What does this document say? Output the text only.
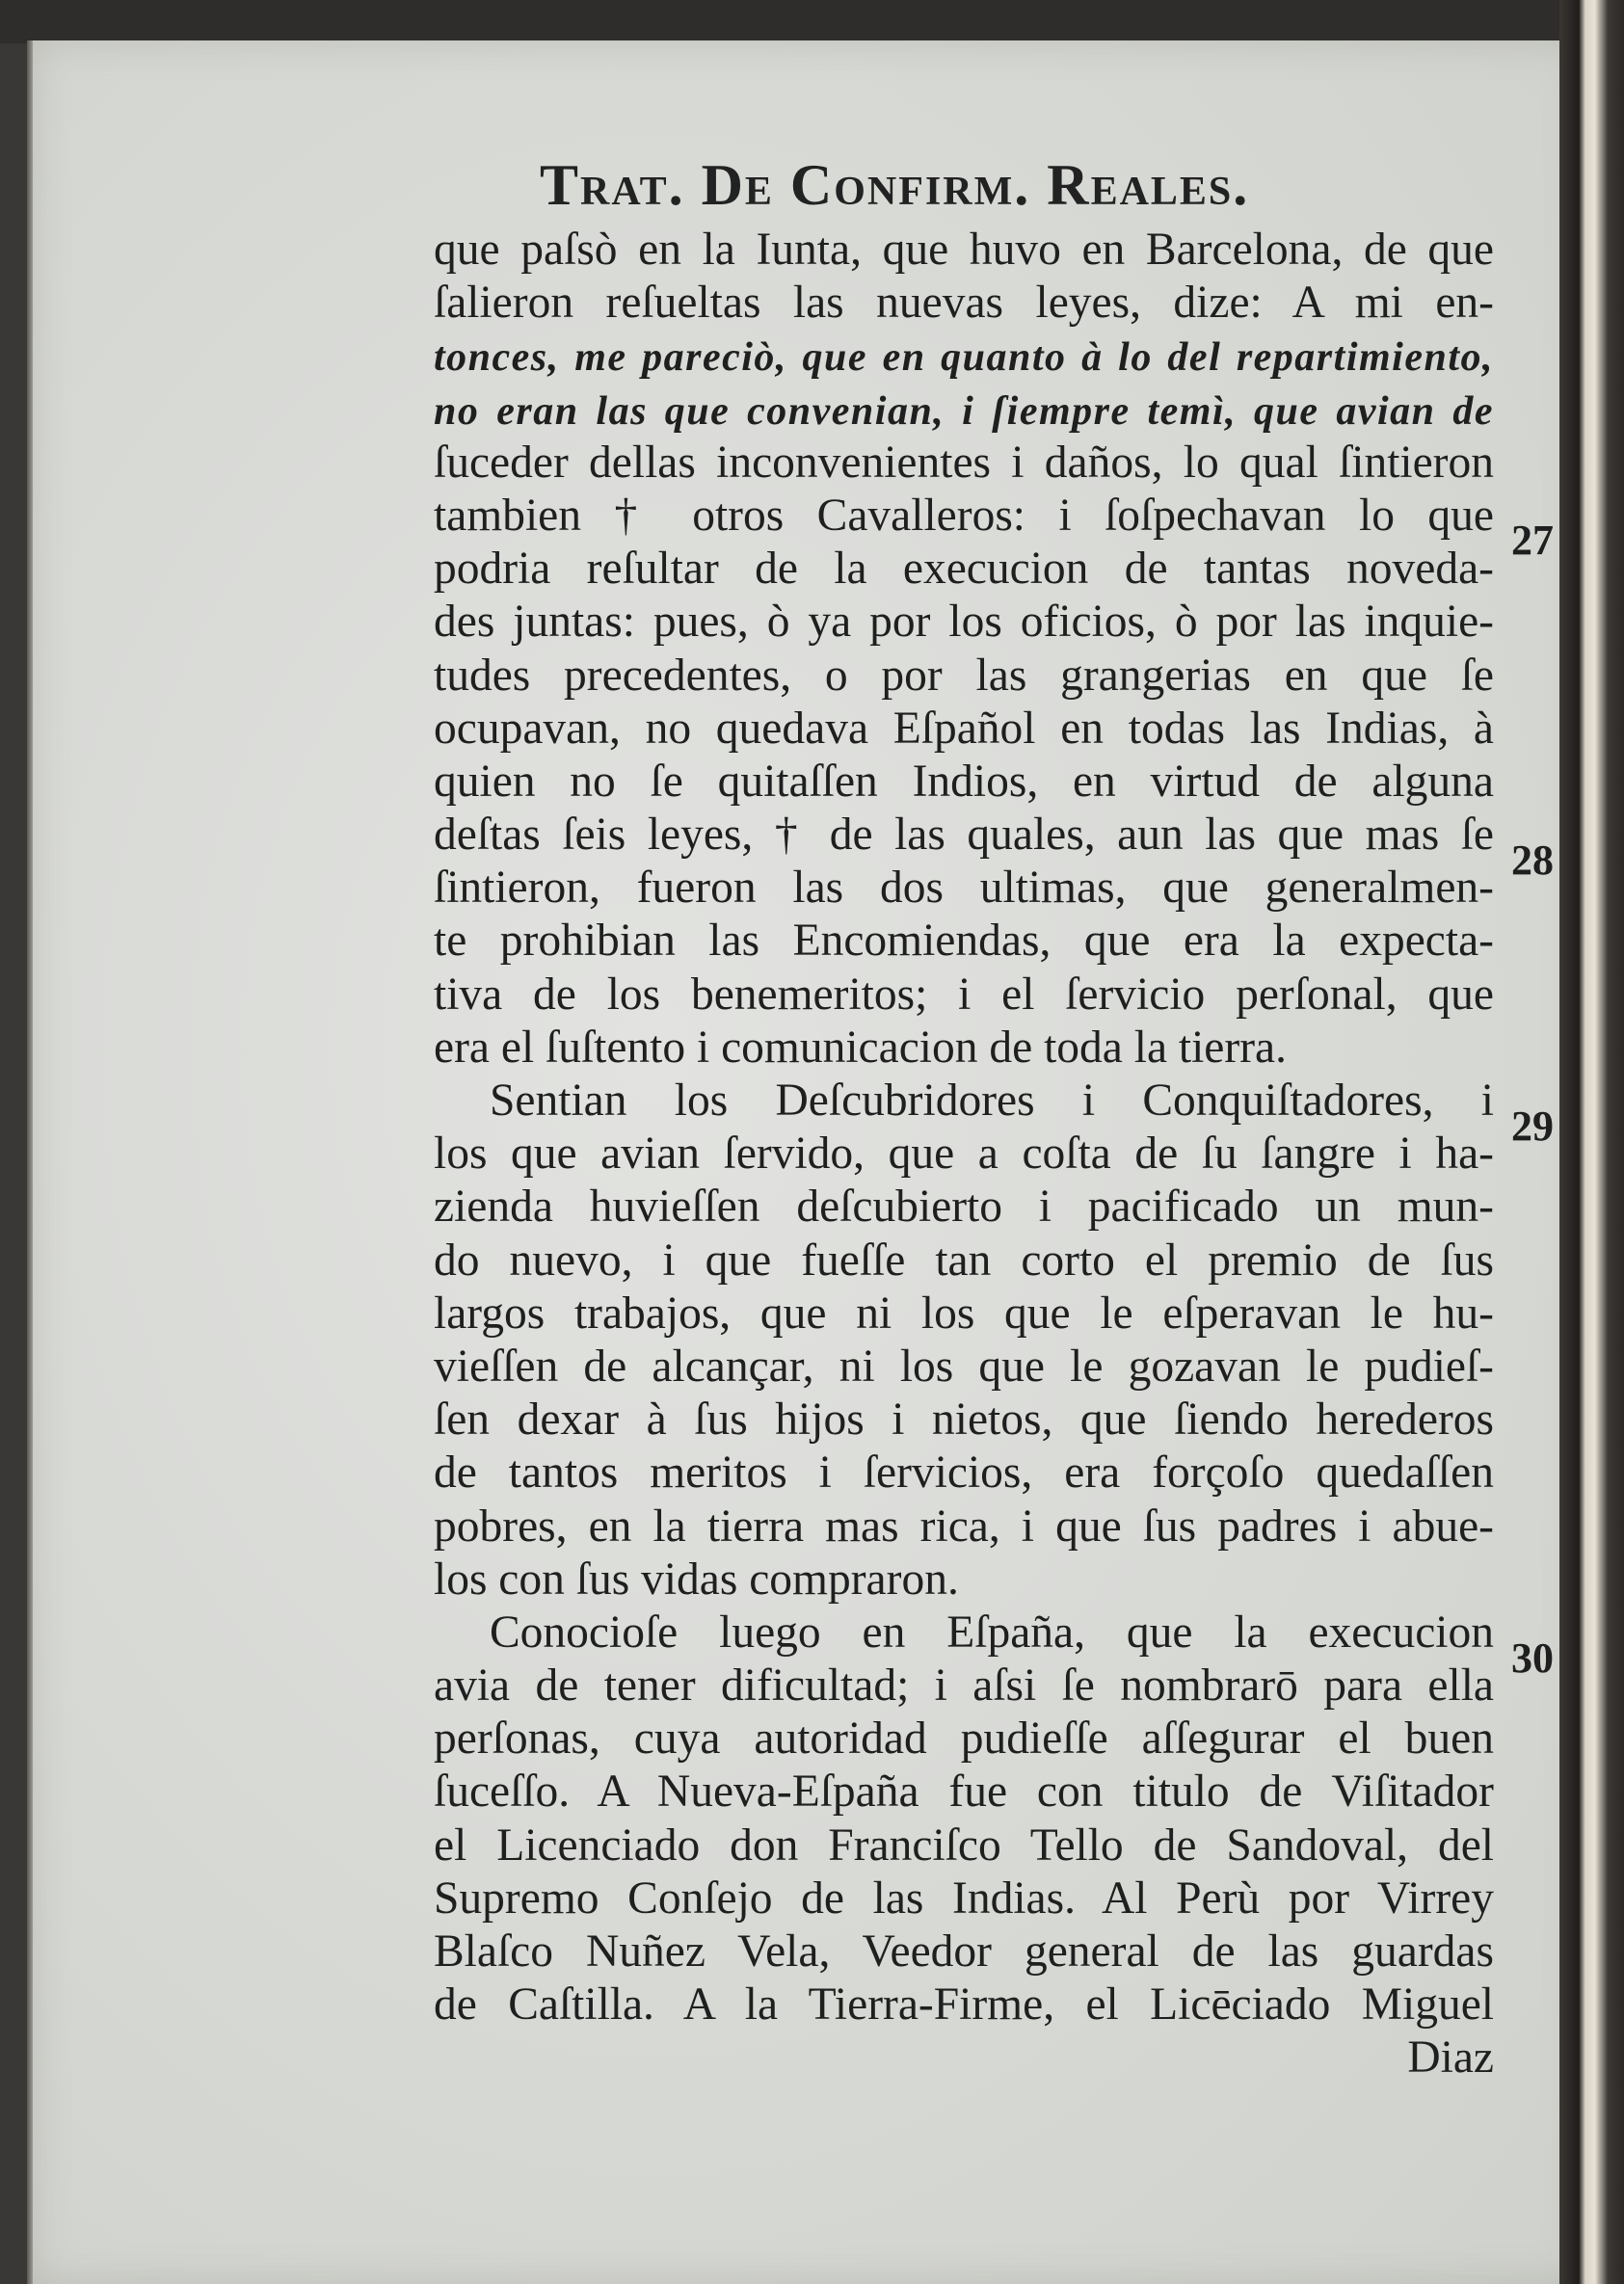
Trat. De Confirm. Reales.
que paſsò en la Iunta, que huvo en Barcelona, de que
ſalieron reſueltas las nuevas leyes, dize: A mi en-
tonces, me pareciò, que en quanto à lo del repartimiento,
no eran las que convenian, i ſiempre temì, que avian de
ſuceder dellas inconvenientes i daños, lo qual ſintieron
tambien † otros Cavalleros: i ſoſpechavan lo que
podria reſultar de la execucion de tantas noveda-
des juntas: pues, ò ya por los oficios, ò por las inquie-
tudes precedentes, o por las grangerias en que ſe
ocupavan, no quedava Eſpañol en todas las Indias, à
quien no ſe quitaſſen Indios, en virtud de alguna
deſtas ſeis leyes, † de las quales, aun las que mas ſe
ſintieron, fueron las dos ultimas, que generalmen-
te prohibian las Encomiendas, que era la expecta-
tiva de los benemeritos; i el ſervicio perſonal, que
era el ſuſtento i comunicacion de toda la tierra.
Sentian los Deſcubridores i Conquiſtadores, i
los que avian ſervido, que a coſta de ſu ſangre i ha-
zienda huvieſſen deſcubierto i pacificado un mun-
do nuevo, i que fueſſe tan corto el premio de ſus
largos trabajos, que ni los que le eſperavan le hu-
vieſſen de alcançar, ni los que le gozavan le pudieſ-
ſen dexar à ſus hijos i nietos, que ſiendo herederos
de tantos meritos i ſervicios, era forçoſo quedaſſen
pobres, en la tierra mas rica, i que ſus padres i abue-
los con ſus vidas compraron.
Conocioſe luego en Eſpaña, que la execucion
avia de tener dificultad; i aſsi ſe nombrarō para ella
perſonas, cuya autoridad pudieſſe aſſegurar el buen
ſuceſſo. A Nueva-Eſpaña fue con titulo de Viſitador
el Licenciado don Franciſco Tello de Sandoval, del
Supremo Conſejo de las Indias. Al Perù por Virrey
Blaſco Nuñez Vela, Veedor general de las guardas
de Caſtilla. A la Tierra-Firme, el Licēciado Miguel
Diaz
27
28
29
30
